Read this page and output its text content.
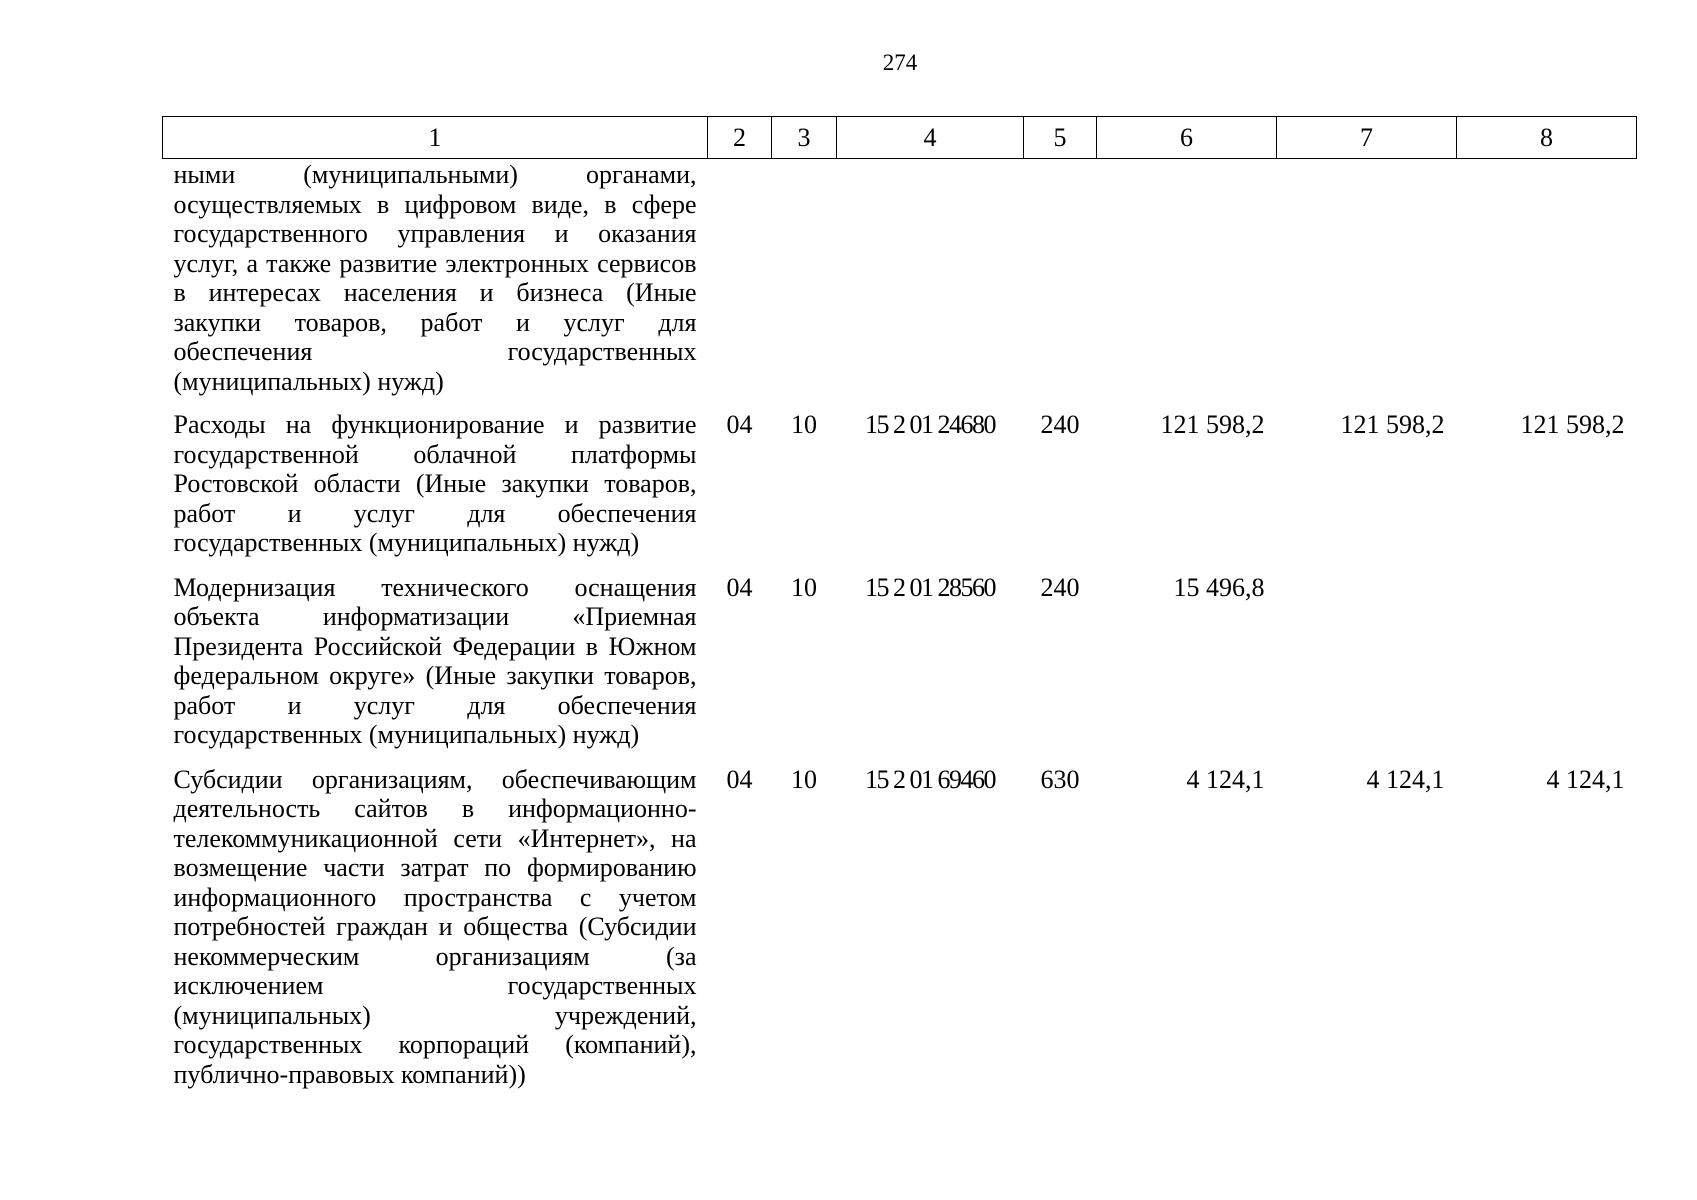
274
1	2	3	4	5	6	7	8
ными (муниципальными) органами, осуществляемых в цифровом виде, в сфере государственного управления и оказания услуг, а также развитие электронных сервисов в интересах населения и бизнеса (Иные закупки товаров, работ и услуг для обеспечения государственных (муниципальных) нужд)							
Расходы на функционирование и развитие государственной облачной платформы Ростовской области (Иные закупки товаров, работ и услуг для обеспечения государственных (муниципальных) нужд)	04	10	15 2 01 24680	240	121 598,2	121 598,2	121 598,2
Модернизация технического оснащения объекта информатизации «Приемная Президента Российской Федерации в Южном федеральном округе» (Иные закупки товаров, работ и услуг для обеспечения государственных (муниципальных) нужд)	04	10	15 2 01 28560	240	15 496,8		
Субсидии организациям, обеспечивающим деятельность сайтов в информационно-телекоммуникационной сети «Интернет», на возмещение части затрат по формированию информационного пространства с учетом потребностей граждан и общества (Субсидии некоммерческим организациям (за исключением государственных (муниципальных) учреждений, государственных корпораций (компаний), публично-правовых компаний))	04	10	15 2 01 69460	630	4 124,1	4 124,1	4 124,1
